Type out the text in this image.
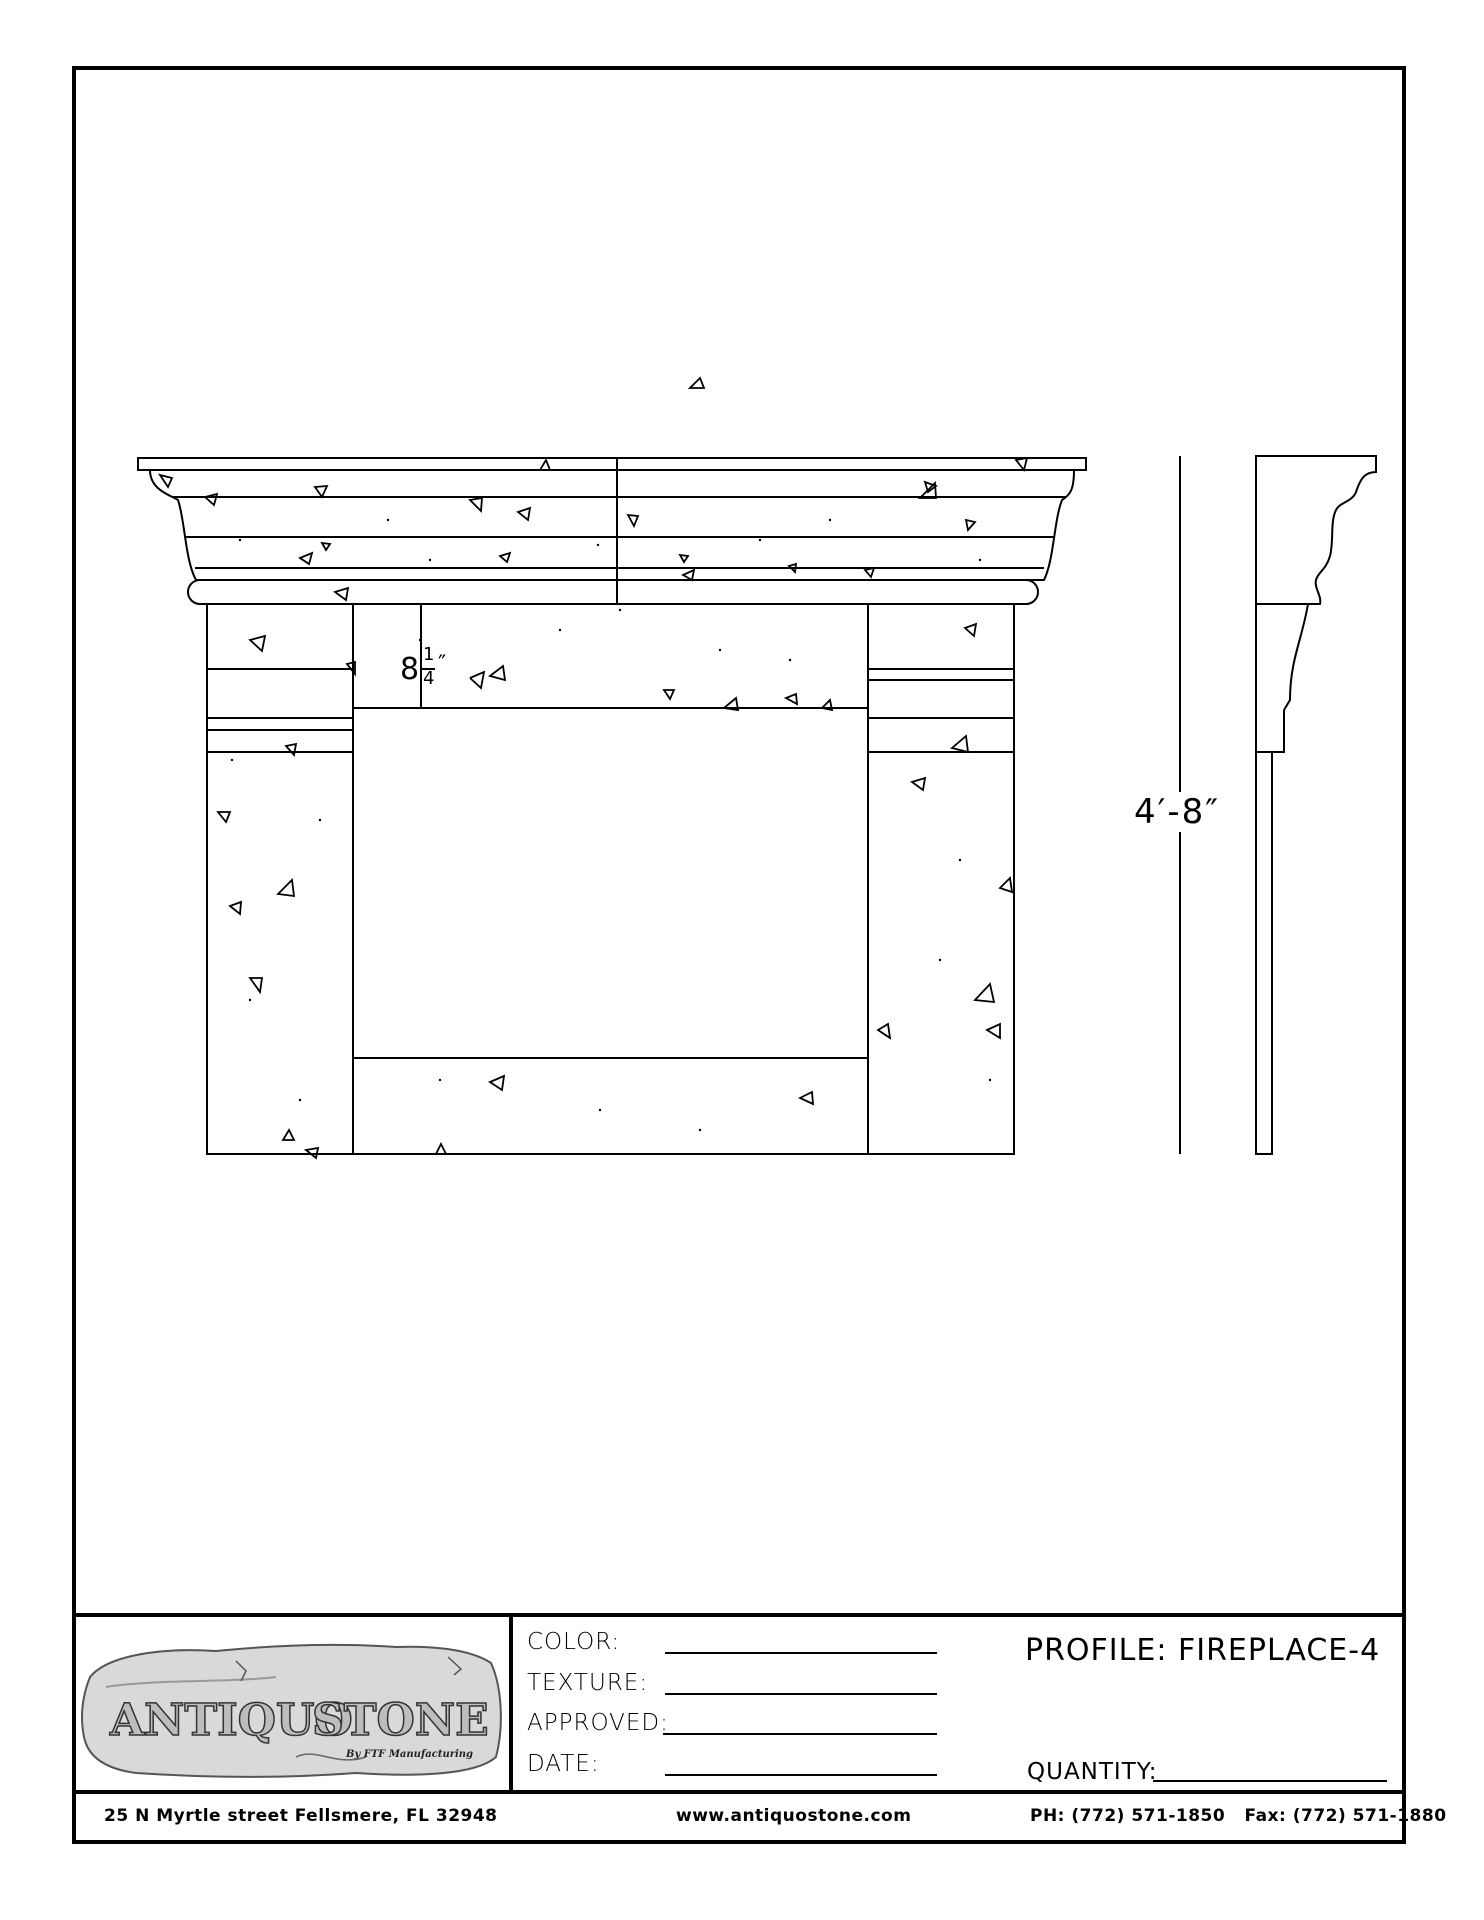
8 1
4
″
4′-8″
ANTIQUO
STONE
By FTF Manufacturing
COLOR:
TEXTURE:
APPROVED:
DATE:
PROFILE: FIREPLACE-4
QUANTITY:
25 N Myrtle street Fellsmere, FL 32948	www.antiquostone.com	PH: (772) 571-1850   Fax: (772) 571-1880
